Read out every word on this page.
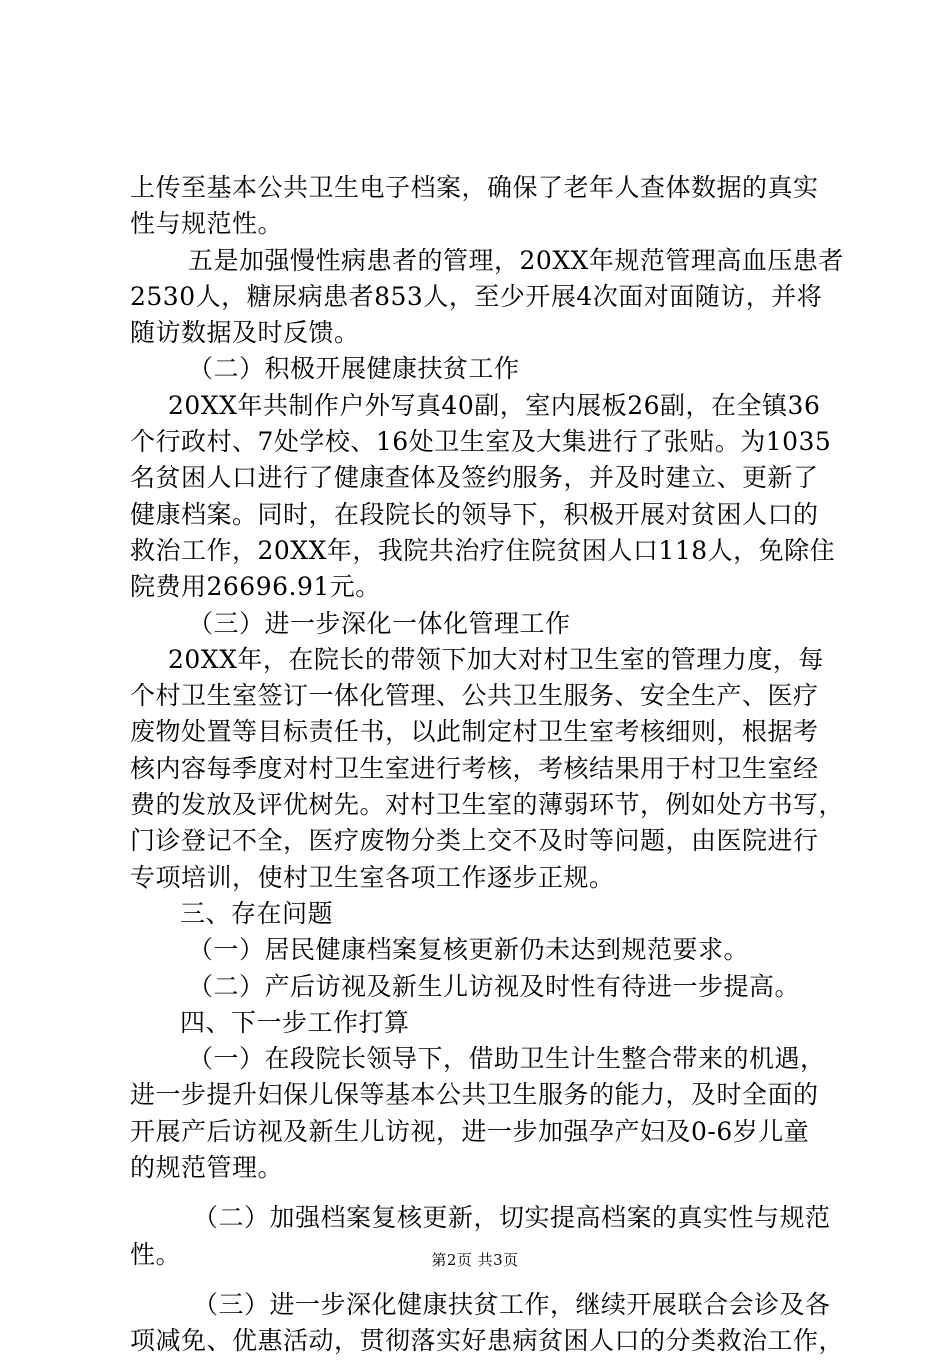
上传至基本公共卫生电子档案，确保了老年人查体数据的真实
性与规范性。
五是加强慢性病患者的管理，20XX年规范管理高血压患者
2530人，糖尿病患者853人，至少开展4次面对面随访，并将
随访数据及时反馈。
（二）积极开展健康扶贫工作
20XX年共制作户外写真40副，室内展板26副，在全镇36
个行政村、7处学校、16处卫生室及大集进行了张贴。为1035
名贫困人口进行了健康查体及签约服务，并及时建立、更新了
健康档案。同时，在段院长的领导下，积极开展对贫困人口的
救治工作，20XX年，我院共治疗住院贫困人口118人，免除住
院费用26696.91元。
（三）进一步深化一体化管理工作
20XX年，在院长的带领下加大对村卫生室的管理力度，每
个村卫生室签订一体化管理、公共卫生服务、安全生产、医疗
废物处置等目标责任书，以此制定村卫生室考核细则，根据考
核内容每季度对村卫生室进行考核，考核结果用于村卫生室经
费的发放及评优树先。对村卫生室的薄弱环节，例如处方书写，
门诊登记不全，医疗废物分类上交不及时等问题，由医院进行
专项培训，使村卫生室各项工作逐步正规。
三、存在问题
（一）居民健康档案复核更新仍未达到规范要求。
（二）产后访视及新生儿访视及时性有待进一步提高。
四、下一步工作打算
（一）在段院长领导下，借助卫生计生整合带来的机遇，
进一步提升妇保儿保等基本公共卫生服务的能力，及时全面的
开展产后访视及新生儿访视，进一步加强孕产妇及0-6岁儿童
的规范管理。
（二）加强档案复核更新，切实提高档案的真实性与规范
性。
（三）进一步深化健康扶贫工作，继续开展联合会诊及各
项减免、优惠活动，贯彻落实好患病贫困人口的分类救治工作，
第2页 共3页
